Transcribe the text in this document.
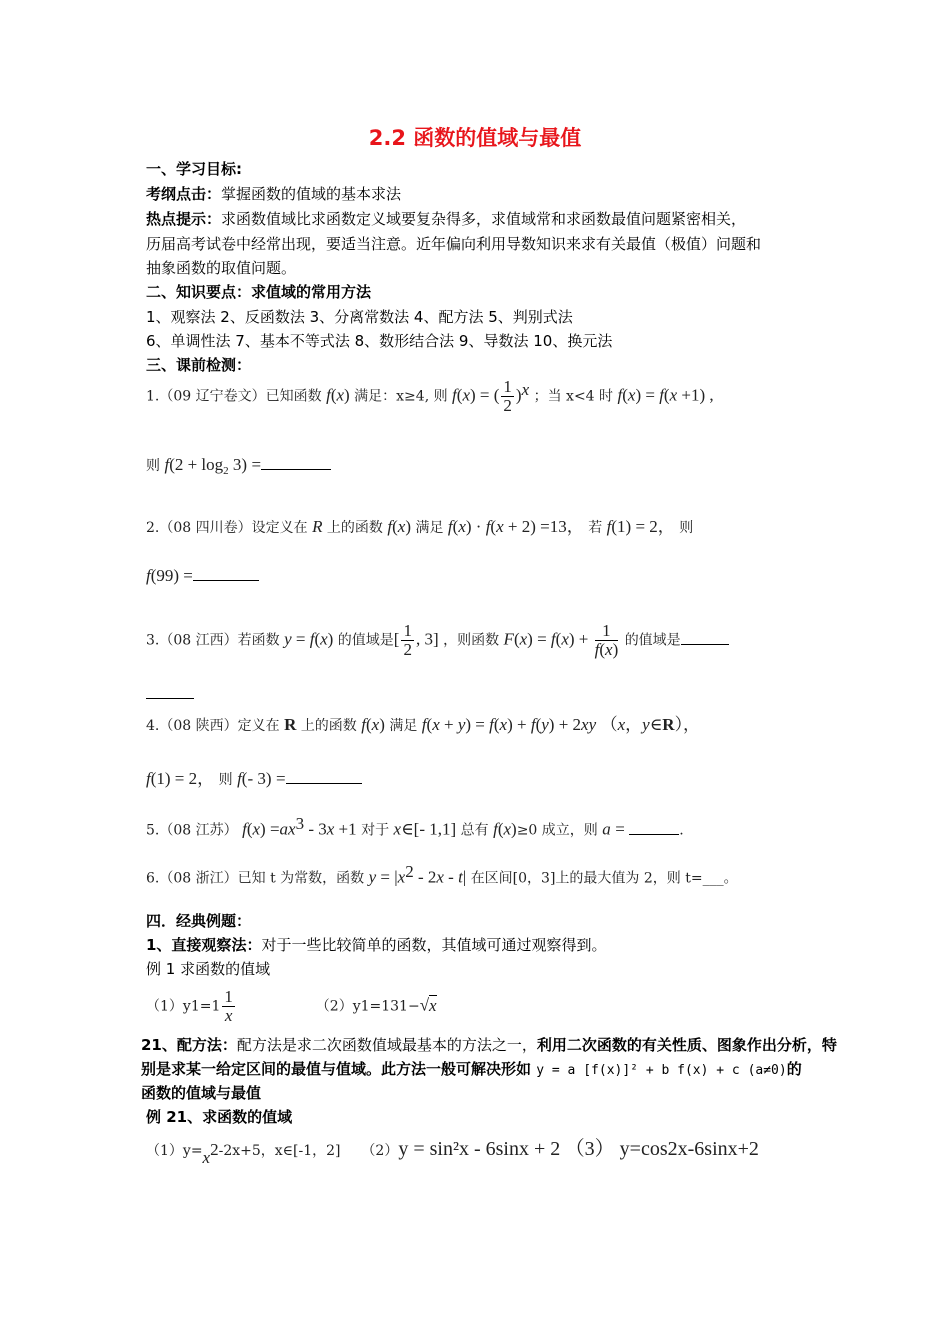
2.2 函数的值域与最值
一、学习目标:
考纲点击：掌握函数的值域的基本求法
热点提示：求函数值域比求函数定义域要复杂得多，求值域常和求函数最值问题紧密相关，
历届高考试卷中经常出现，要适当注意。近年偏向利用导数知识来求有关最值（极值）问题和
抽象函数的取值问题。
二、知识要点：求值域的常用方法
1、观察法 2、反函数法 3、分离常数法 4、配方法 5、判别式法
6、单调性法 7、基本不等式法 8、数形结合法 9、导数法 10、换元法
三、课前检测：
1.（09 辽宁卷文）已知函数 f(x) 满足：x≥4, 则 f(x) = ( $\frac{1}{2} )^x$ ；当 x<4 时 f(x) = f(x +1) ,
则 $f(2 + \log_2 3)$ =
2.（08 四川卷）设定义在 R 上的函数 f(x) 满足 f(x) · f(x + 2) =13， 若 f(1) = 2， 则
f(99) =
3.（08 江西）若函数 y = f(x) 的值域是[ $\frac{1}{2}$ , 3] ，则函数 $F(x) = f(x) + \frac{1}{f(x)}$ 的值域是
4.（08 陕西）定义在 R 上的函数 f(x) 满足 f(x + y) = f(x) + f(y) + 2xy （x，y∈R），
f(1) = 2， 则 f(- 3) =
5.（08 江苏） $f(x) =ax^3 - 3x +1$ 对于 x∈[- 1,1] 总有 f(x)≥0 成立，则 a =	.
6.（08 浙江）已知 t 为常数，函数 $y = |x^2 - 2x - t|$ 在区间[0，3]上的最大值为 2，则 t=___。
四．经典例题：
1、直接观察法：对于一些比较简单的函数，其值域可通过观察得到。
例 1 求函数的值域
$(1)y1=1 \frac{1}{x}$	（2）y1=131−√x
21、配方法：配方法是求二次函数值域最基本的方法之一，利用二次函数的有关性质、图象作出分析，特
别是求某一给定区间的最值与值域。此方法一般可解决形如 y = a [f(x)]² + b f(x) + c (a≠0)的
函数的值域与最值
例 21、求函数的值域
$(1)y=x^2-2x+5$，x∈[-1，2] （2）y = sin²x - 6sinx + 2 （3） y=cos2x-6sinx+2
